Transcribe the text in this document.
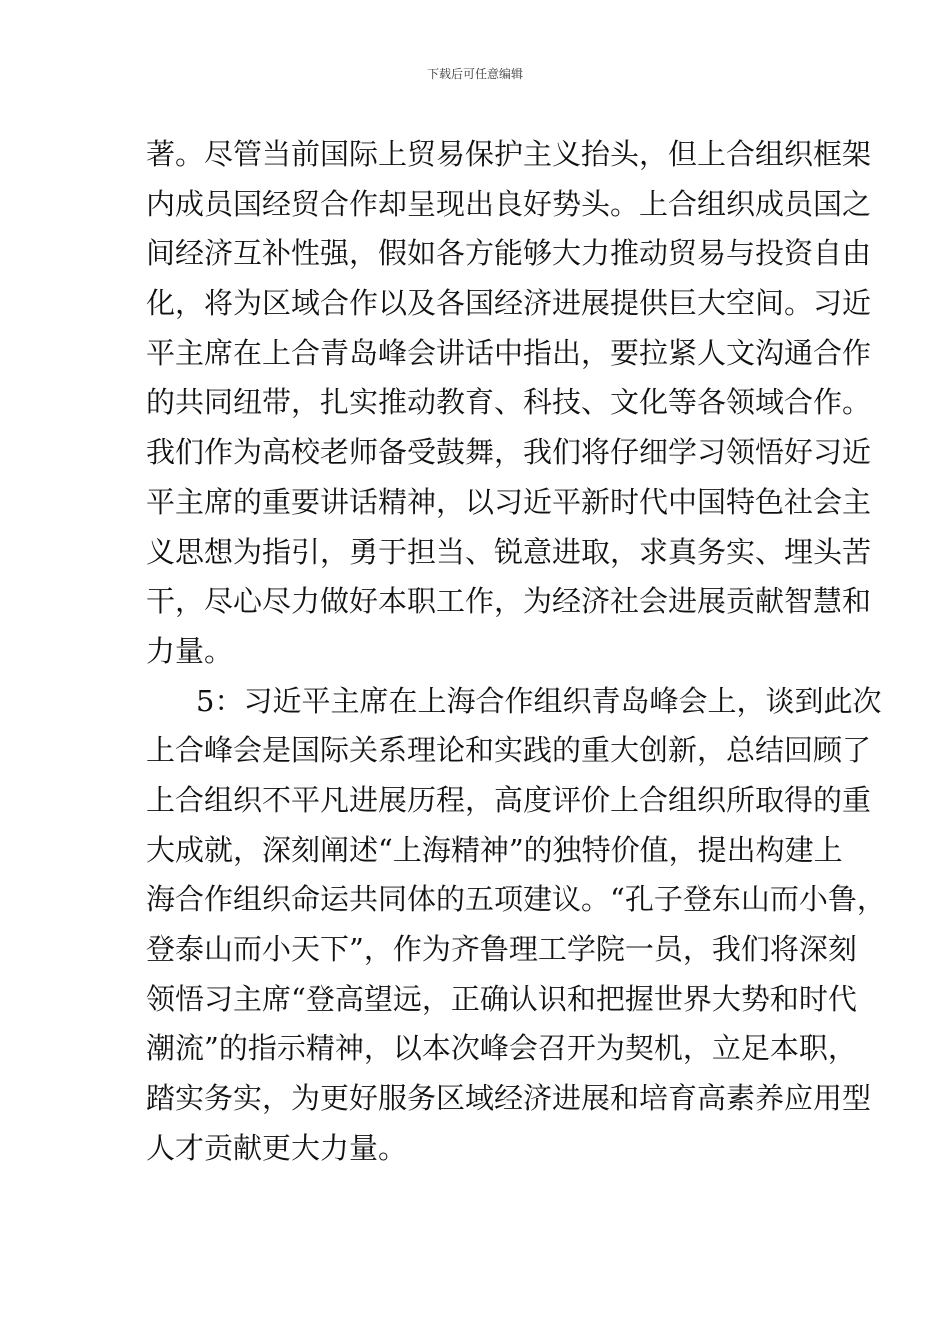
下载后可任意编辑
著。尽管当前国际上贸易保护主义抬头，但上合组织框架
内成员国经贸合作却呈现出良好势头。上合组织成员国之
间经济互补性强，假如各方能够大力推动贸易与投资自由
化，将为区域合作以及各国经济进展提供巨大空间。习近
平主席在上合青岛峰会讲话中指出，要拉紧人文沟通合作
的共同纽带，扎实推动教育、科技、文化等各领域合作。
我们作为高校老师备受鼓舞，我们将仔细学习领悟好习近
平主席的重要讲话精神，以习近平新时代中国特色社会主
义思想为指引，勇于担当、锐意进取，求真务实、埋头苦
干，尽心尽力做好本职工作，为经济社会进展贡献智慧和
力量。
5：习近平主席在上海合作组织青岛峰会上，谈到此次
上合峰会是国际关系理论和实践的重大创新，总结回顾了
上合组织不平凡进展历程，高度评价上合组织所取得的重
大成就，深刻阐述“上海精神”的独特价值，提出构建上
海合作组织命运共同体的五项建议。“孔子登东山而小鲁，
登泰山而小天下”，作为齐鲁理工学院一员，我们将深刻
领悟习主席“登高望远，正确认识和把握世界大势和时代
潮流”的指示精神，以本次峰会召开为契机，立足本职，
踏实务实，为更好服务区域经济进展和培育高素养应用型
人才贡献更大力量。
